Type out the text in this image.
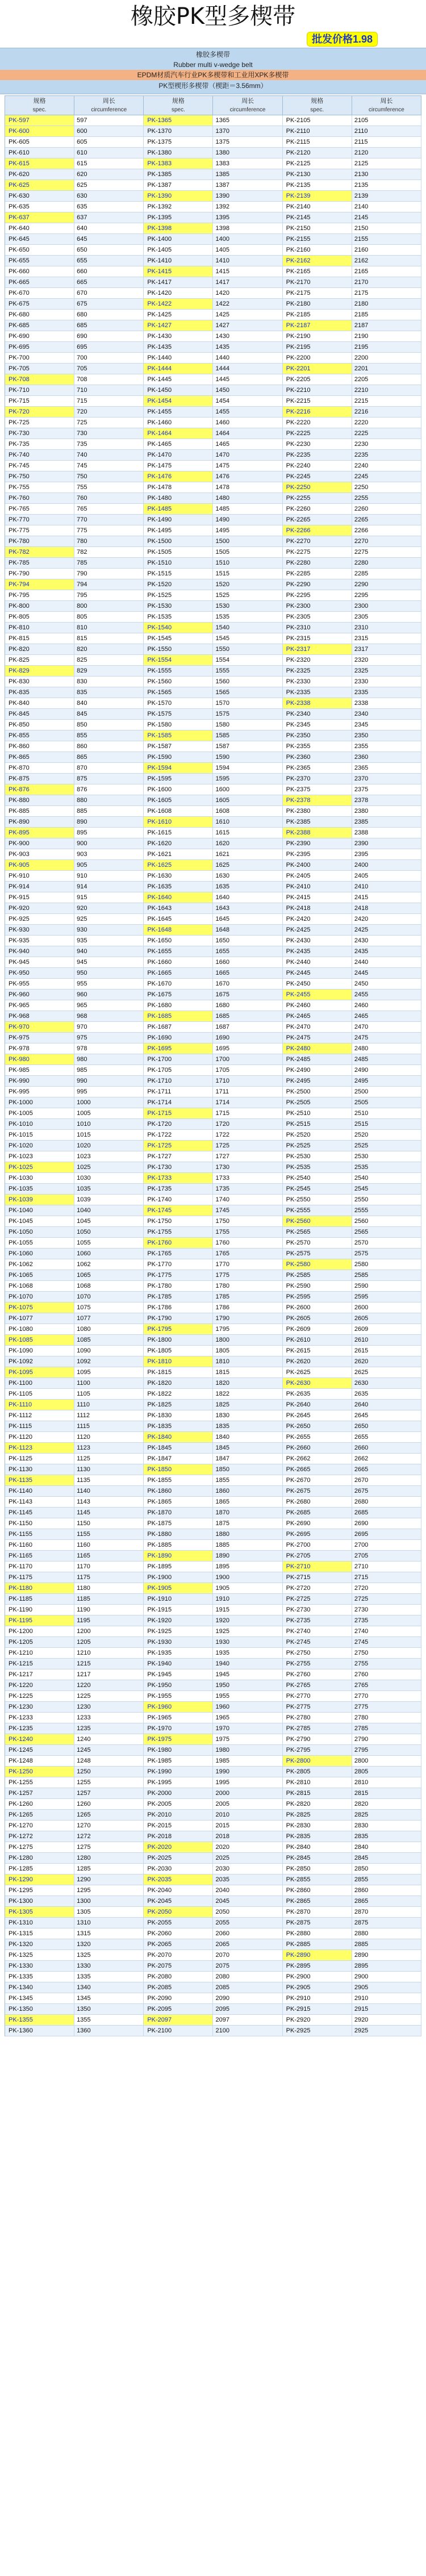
橡胶PK型多楔带
批发价格1.98
橡胶多楔带
Rubber multi v-wedge belt
EPDM材质汽车行业PK多楔带和工业用XPK多楔带
PK型楔形多楔带（楔距＝3.56mm）
规格
spec.
周长
circumference
规格
spec.
周长
circumference
规格
spec.
周长
circumference
PK-597	597	PK-1365	1365	PK-2105	2105
PK-600	600	PK-1370	1370	PK-2110	2110
PK-605	605	PK-1375	1375	PK-2115	2115
PK-610	610	PK-1380	1380	PK-2120	2120
PK-615	615	PK-1383	1383	PK-2125	2125
PK-620	620	PK-1385	1385	PK-2130	2130
PK-625	625	PK-1387	1387	PK-2135	2135
PK-630	630	PK-1390	1390	PK-2139	2139
PK-635	635	PK-1392	1392	PK-2140	2140
PK-637	637	PK-1395	1395	PK-2145	2145
PK-640	640	PK-1398	1398	PK-2150	2150
PK-645	645	PK-1400	1400	PK-2155	2155
PK-650	650	PK-1405	1405	PK-2160	2160
PK-655	655	PK-1410	1410	PK-2162	2162
PK-660	660	PK-1415	1415	PK-2165	2165
PK-665	665	PK-1417	1417	PK-2170	2170
PK-670	670	PK-1420	1420	PK-2175	2175
PK-675	675	PK-1422	1422	PK-2180	2180
PK-680	680	PK-1425	1425	PK-2185	2185
PK-685	685	PK-1427	1427	PK-2187	2187
PK-690	690	PK-1430	1430	PK-2190	2190
PK-695	695	PK-1435	1435	PK-2195	2195
PK-700	700	PK-1440	1440	PK-2200	2200
PK-705	705	PK-1444	1444	PK-2201	2201
PK-708	708	PK-1445	1445	PK-2205	2205
PK-710	710	PK-1450	1450	PK-2210	2210
PK-715	715	PK-1454	1454	PK-2215	2215
PK-720	720	PK-1455	1455	PK-2216	2216
PK-725	725	PK-1460	1460	PK-2220	2220
PK-730	730	PK-1464	1464	PK-2225	2225
PK-735	735	PK-1465	1465	PK-2230	2230
PK-740	740	PK-1470	1470	PK-2235	2235
PK-745	745	PK-1475	1475	PK-2240	2240
PK-750	750	PK-1476	1476	PK-2245	2245
PK-755	755	PK-1478	1478	PK-2250	2250
PK-760	760	PK-1480	1480	PK-2255	2255
PK-765	765	PK-1485	1485	PK-2260	2260
PK-770	770	PK-1490	1490	PK-2265	2265
PK-775	775	PK-1495	1495	PK-2266	2266
PK-780	780	PK-1500	1500	PK-2270	2270
PK-782	782	PK-1505	1505	PK-2275	2275
PK-785	785	PK-1510	1510	PK-2280	2280
PK-790	790	PK-1515	1515	PK-2285	2285
PK-794	794	PK-1520	1520	PK-2290	2290
PK-795	795	PK-1525	1525	PK-2295	2295
PK-800	800	PK-1530	1530	PK-2300	2300
PK-805	805	PK-1535	1535	PK-2305	2305
PK-810	810	PK-1540	1540	PK-2310	2310
PK-815	815	PK-1545	1545	PK-2315	2315
PK-820	820	PK-1550	1550	PK-2317	2317
PK-825	825	PK-1554	1554	PK-2320	2320
PK-829	829	PK-1555	1555	PK-2325	2325
PK-830	830	PK-1560	1560	PK-2330	2330
PK-835	835	PK-1565	1565	PK-2335	2335
PK-840	840	PK-1570	1570	PK-2338	2338
PK-845	845	PK-1575	1575	PK-2340	2340
PK-850	850	PK-1580	1580	PK-2345	2345
PK-855	855	PK-1585	1585	PK-2350	2350
PK-860	860	PK-1587	1587	PK-2355	2355
PK-865	865	PK-1590	1590	PK-2360	2360
PK-870	870	PK-1594	1594	PK-2365	2365
PK-875	875	PK-1595	1595	PK-2370	2370
PK-876	876	PK-1600	1600	PK-2375	2375
PK-880	880	PK-1605	1605	PK-2378	2378
PK-885	885	PK-1608	1608	PK-2380	2380
PK-890	890	PK-1610	1610	PK-2385	2385
PK-895	895	PK-1615	1615	PK-2388	2388
PK-900	900	PK-1620	1620	PK-2390	2390
PK-903	903	PK-1621	1621	PK-2395	2395
PK-905	905	PK-1625	1625	PK-2400	2400
PK-910	910	PK-1630	1630	PK-2405	2405
PK-914	914	PK-1635	1635	PK-2410	2410
PK-915	915	PK-1640	1640	PK-2415	2415
PK-920	920	PK-1643	1643	PK-2418	2418
PK-925	925	PK-1645	1645	PK-2420	2420
PK-930	930	PK-1648	1648	PK-2425	2425
PK-935	935	PK-1650	1650	PK-2430	2430
PK-940	940	PK-1655	1655	PK-2435	2435
PK-945	945	PK-1660	1660	PK-2440	2440
PK-950	950	PK-1665	1665	PK-2445	2445
PK-955	955	PK-1670	1670	PK-2450	2450
PK-960	960	PK-1675	1675	PK-2455	2455
PK-965	965	PK-1680	1680	PK-2460	2460
PK-968	968	PK-1685	1685	PK-2465	2465
PK-970	970	PK-1687	1687	PK-2470	2470
PK-975	975	PK-1690	1690	PK-2475	2475
PK-978	978	PK-1695	1695	PK-2480	2480
PK-980	980	PK-1700	1700	PK-2485	2485
PK-985	985	PK-1705	1705	PK-2490	2490
PK-990	990	PK-1710	1710	PK-2495	2495
PK-995	995	PK-1711	1711	PK-2500	2500
PK-1000	1000	PK-1714	1714	PK-2505	2505
PK-1005	1005	PK-1715	1715	PK-2510	2510
PK-1010	1010	PK-1720	1720	PK-2515	2515
PK-1015	1015	PK-1722	1722	PK-2520	2520
PK-1020	1020	PK-1725	1725	PK-2525	2525
PK-1023	1023	PK-1727	1727	PK-2530	2530
PK-1025	1025	PK-1730	1730	PK-2535	2535
PK-1030	1030	PK-1733	1733	PK-2540	2540
PK-1035	1035	PK-1735	1735	PK-2545	2545
PK-1039	1039	PK-1740	1740	PK-2550	2550
PK-1040	1040	PK-1745	1745	PK-2555	2555
PK-1045	1045	PK-1750	1750	PK-2560	2560
PK-1050	1050	PK-1755	1755	PK-2565	2565
PK-1055	1055	PK-1760	1760	PK-2570	2570
PK-1060	1060	PK-1765	1765	PK-2575	2575
PK-1062	1062	PK-1770	1770	PK-2580	2580
PK-1065	1065	PK-1775	1775	PK-2585	2585
PK-1068	1068	PK-1780	1780	PK-2590	2590
PK-1070	1070	PK-1785	1785	PK-2595	2595
PK-1075	1075	PK-1786	1786	PK-2600	2600
PK-1077	1077	PK-1790	1790	PK-2605	2605
PK-1080	1080	PK-1795	1795	PK-2609	2609
PK-1085	1085	PK-1800	1800	PK-2610	2610
PK-1090	1090	PK-1805	1805	PK-2615	2615
PK-1092	1092	PK-1810	1810	PK-2620	2620
PK-1095	1095	PK-1815	1815	PK-2625	2625
PK-1100	1100	PK-1820	1820	PK-2630	2630
PK-1105	1105	PK-1822	1822	PK-2635	2635
PK-1110	1110	PK-1825	1825	PK-2640	2640
PK-1112	1112	PK-1830	1830	PK-2645	2645
PK-1115	1115	PK-1835	1835	PK-2650	2650
PK-1120	1120	PK-1840	1840	PK-2655	2655
PK-1123	1123	PK-1845	1845	PK-2660	2660
PK-1125	1125	PK-1847	1847	PK-2662	2662
PK-1130	1130	PK-1850	1850	PK-2665	2665
PK-1135	1135	PK-1855	1855	PK-2670	2670
PK-1140	1140	PK-1860	1860	PK-2675	2675
PK-1143	1143	PK-1865	1865	PK-2680	2680
PK-1145	1145	PK-1870	1870	PK-2685	2685
PK-1150	1150	PK-1875	1875	PK-2690	2690
PK-1155	1155	PK-1880	1880	PK-2695	2695
PK-1160	1160	PK-1885	1885	PK-2700	2700
PK-1165	1165	PK-1890	1890	PK-2705	2705
PK-1170	1170	PK-1895	1895	PK-2710	2710
PK-1175	1175	PK-1900	1900	PK-2715	2715
PK-1180	1180	PK-1905	1905	PK-2720	2720
PK-1185	1185	PK-1910	1910	PK-2725	2725
PK-1190	1190	PK-1915	1915	PK-2730	2730
PK-1195	1195	PK-1920	1920	PK-2735	2735
PK-1200	1200	PK-1925	1925	PK-2740	2740
PK-1205	1205	PK-1930	1930	PK-2745	2745
PK-1210	1210	PK-1935	1935	PK-2750	2750
PK-1215	1215	PK-1940	1940	PK-2755	2755
PK-1217	1217	PK-1945	1945	PK-2760	2760
PK-1220	1220	PK-1950	1950	PK-2765	2765
PK-1225	1225	PK-1955	1955	PK-2770	2770
PK-1230	1230	PK-1960	1960	PK-2775	2775
PK-1233	1233	PK-1965	1965	PK-2780	2780
PK-1235	1235	PK-1970	1970	PK-2785	2785
PK-1240	1240	PK-1975	1975	PK-2790	2790
PK-1245	1245	PK-1980	1980	PK-2795	2795
PK-1248	1248	PK-1985	1985	PK-2800	2800
PK-1250	1250	PK-1990	1990	PK-2805	2805
PK-1255	1255	PK-1995	1995	PK-2810	2810
PK-1257	1257	PK-2000	2000	PK-2815	2815
PK-1260	1260	PK-2005	2005	PK-2820	2820
PK-1265	1265	PK-2010	2010	PK-2825	2825
PK-1270	1270	PK-2015	2015	PK-2830	2830
PK-1272	1272	PK-2018	2018	PK-2835	2835
PK-1275	1275	PK-2020	2020	PK-2840	2840
PK-1280	1280	PK-2025	2025	PK-2845	2845
PK-1285	1285	PK-2030	2030	PK-2850	2850
PK-1290	1290	PK-2035	2035	PK-2855	2855
PK-1295	1295	PK-2040	2040	PK-2860	2860
PK-1300	1300	PK-2045	2045	PK-2865	2865
PK-1305	1305	PK-2050	2050	PK-2870	2870
PK-1310	1310	PK-2055	2055	PK-2875	2875
PK-1315	1315	PK-2060	2060	PK-2880	2880
PK-1320	1320	PK-2065	2065	PK-2885	2885
PK-1325	1325	PK-2070	2070	PK-2890	2890
PK-1330	1330	PK-2075	2075	PK-2895	2895
PK-1335	1335	PK-2080	2080	PK-2900	2900
PK-1340	1340	PK-2085	2085	PK-2905	2905
PK-1345	1345	PK-2090	2090	PK-2910	2910
PK-1350	1350	PK-2095	2095	PK-2915	2915
PK-1355	1355	PK-2097	2097	PK-2920	2920
PK-1360	1360	PK-2100	2100	PK-2925	2925
